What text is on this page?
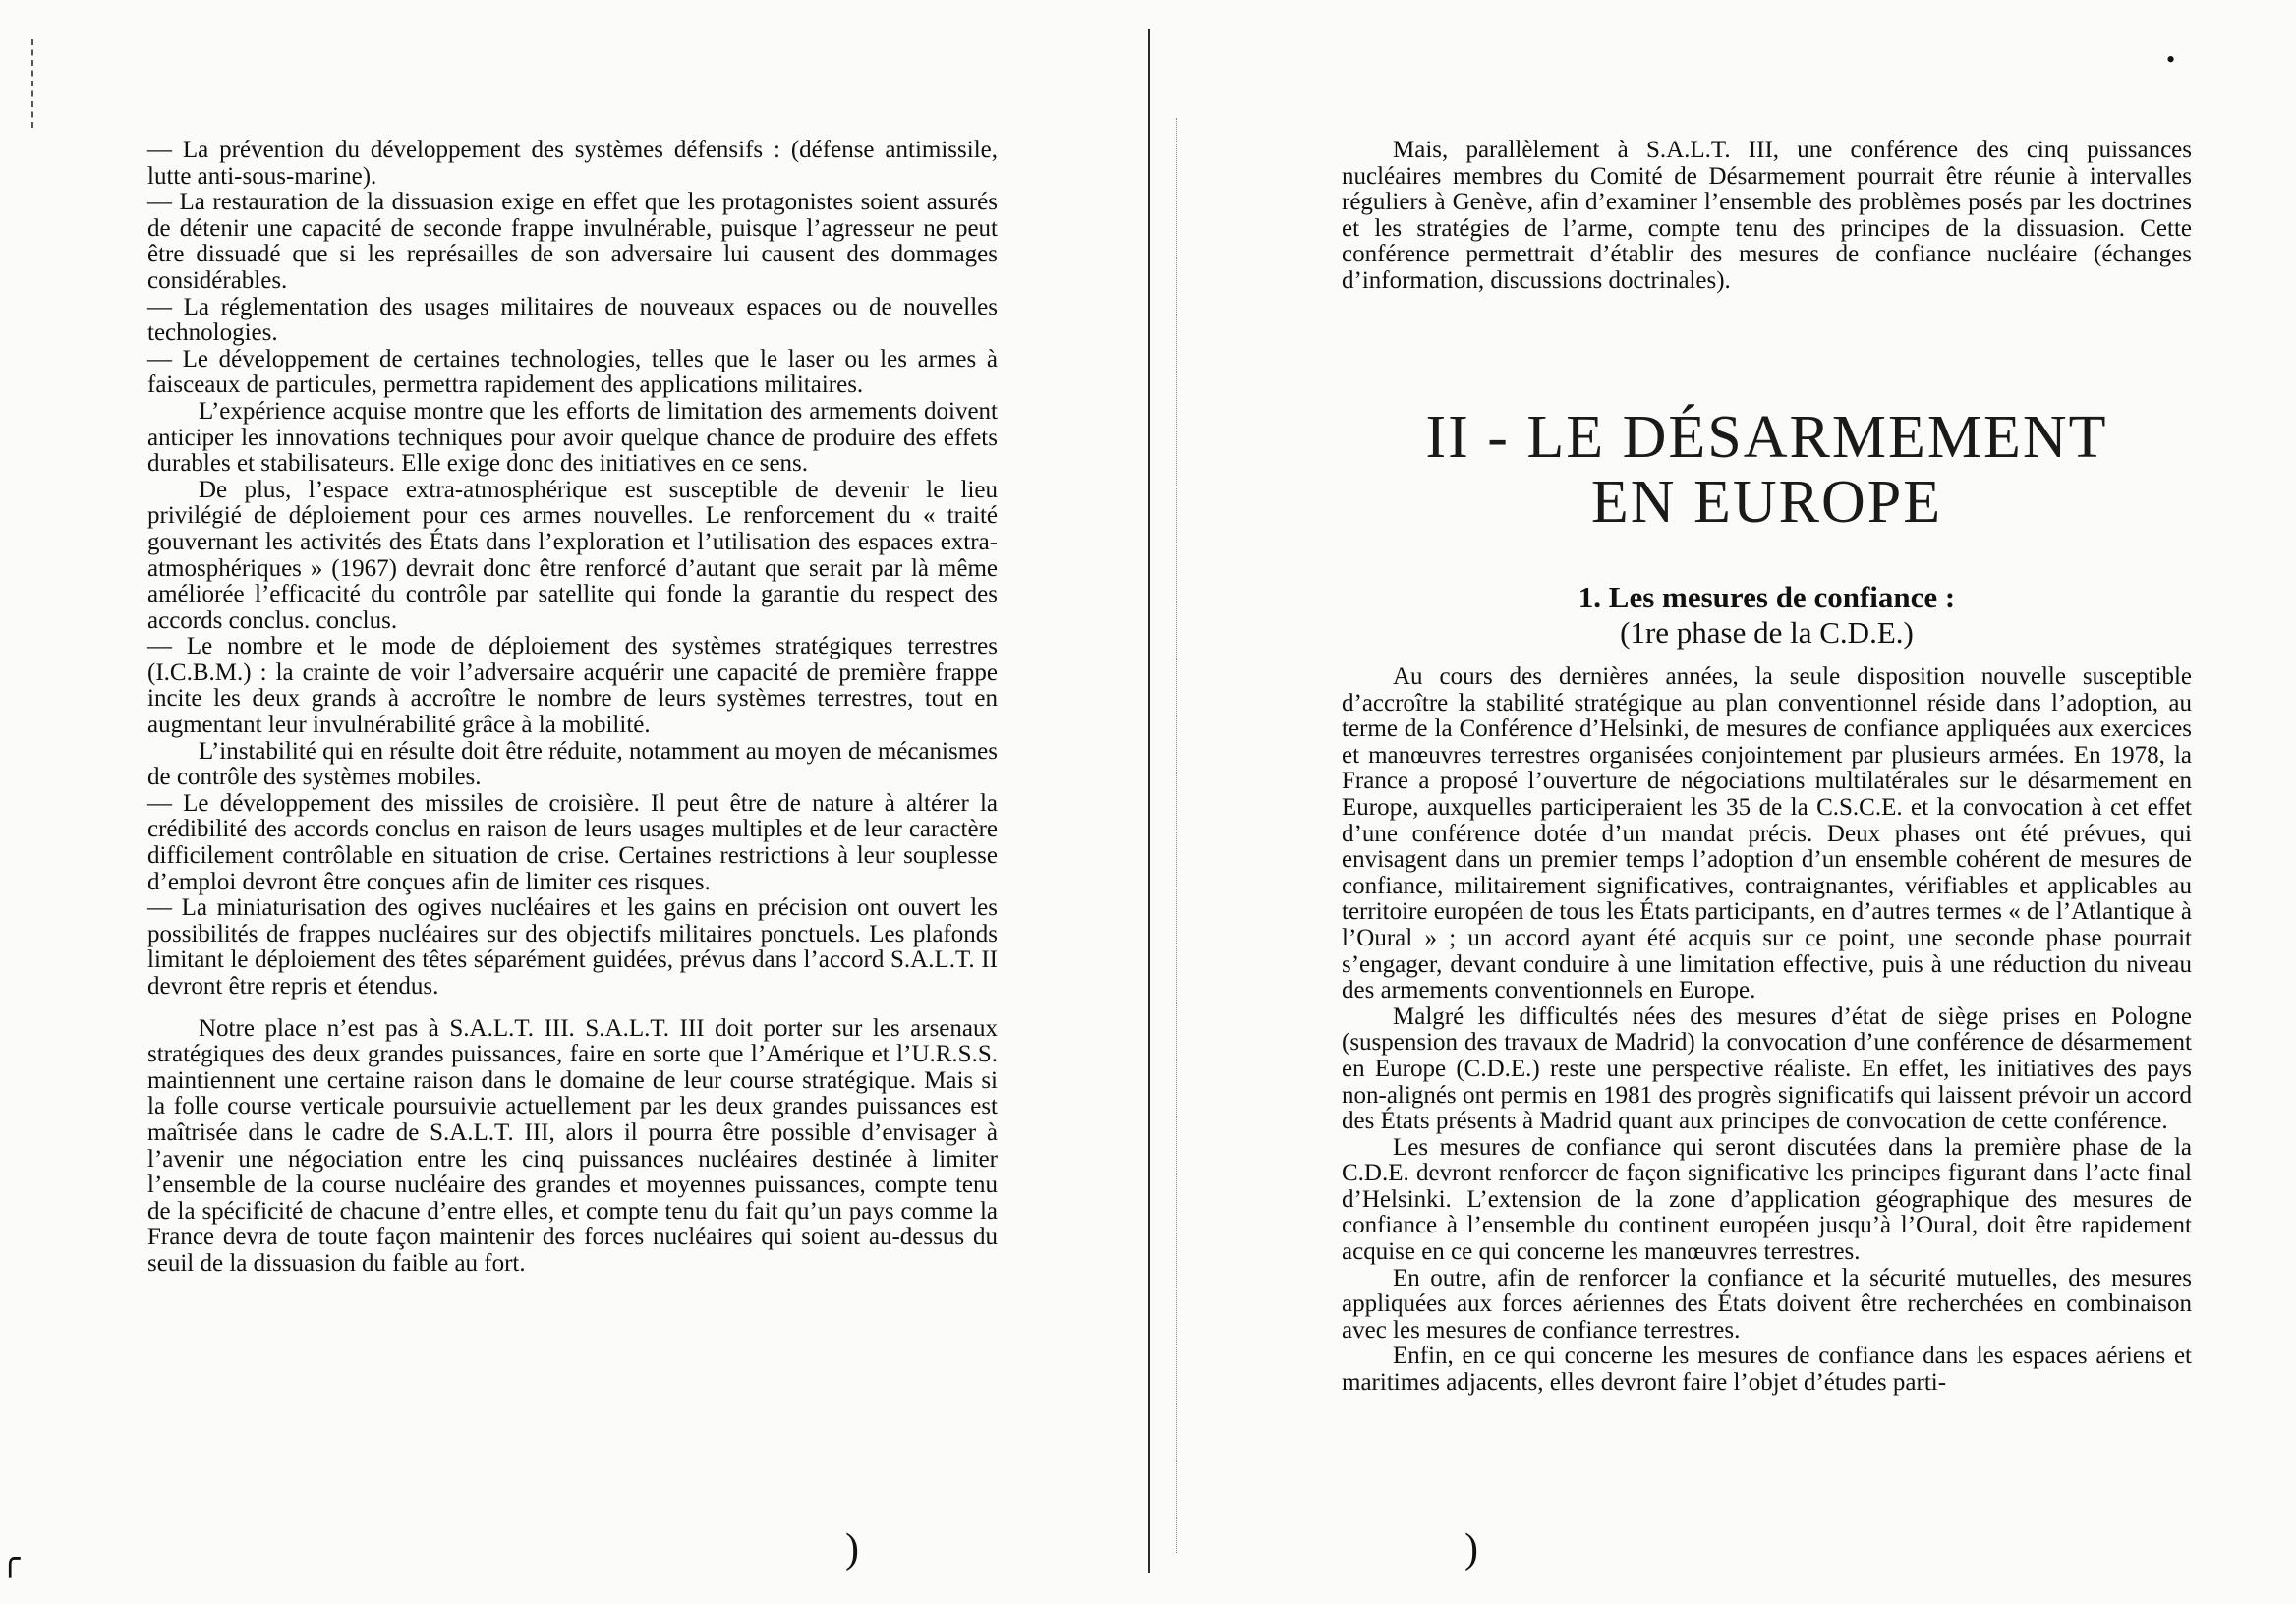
•
╭

— La prévention du développement des systèmes défensifs : (défense antimissile, lutte anti-sous-marine).

— La restauration de la dissuasion exige en effet que les protagonistes soient assurés de détenir une capacité de seconde frappe invulnérable, puisque l’agresseur ne peut être dissuadé que si les représailles de son adversaire lui causent des dommages considérables.

— La réglementation des usages militaires de nouveaux espaces ou de nouvelles technologies.

— Le développement de certaines technologies, telles que le laser ou les armes à faisceaux de particules, permettra rapidement des applications militaires.

L’expérience acquise montre que les efforts de limitation des armements doivent anticiper les innovations techniques pour avoir quelque chance de produire des effets durables et stabilisateurs. Elle exige donc des initiatives en ce sens.

De plus, l’espace extra-atmosphérique est susceptible de devenir le lieu privilégié de déploiement pour ces armes nouvelles. Le renforcement du « traité gouvernant les activités des États dans l’exploration et l’utilisation des espaces extra-atmosphériques » (1967) devrait donc être renforcé d’autant que serait par là même améliorée l’efficacité du contrôle par satellite qui fonde la garantie du respect des accords conclus. conclus.

— Le nombre et le mode de déploiement des systèmes stratégiques terrestres (I.C.B.M.) : la crainte de voir l’adversaire acquérir une capacité de première frappe incite les deux grands à accroître le nombre de leurs systèmes terrestres, tout en augmentant leur invulnérabilité grâce à la mobilité.

L’instabilité qui en résulte doit être réduite, notamment au moyen de mécanismes de contrôle des systèmes mobiles.

— Le développement des missiles de croisière. Il peut être de nature à altérer la crédibilité des accords conclus en raison de leurs usages multiples et de leur caractère difficilement contrôlable en situation de crise. Certaines restrictions à leur souplesse d’emploi devront être conçues afin de limiter ces risques.

— La miniaturisation des ogives nucléaires et les gains en précision ont ouvert les possibilités de frappes nucléaires sur des objectifs militaires ponctuels. Les plafonds limitant le déploiement des têtes séparément guidées, prévus dans l’accord S.A.L.T. II devront être repris et étendus.

Notre place n’est pas à S.A.L.T. III. S.A.L.T. III doit porter sur les arsenaux stratégiques des deux grandes puissances, faire en sorte que l’Amérique et l’U.R.S.S. maintiennent une certaine raison dans le domaine de leur course stratégique. Mais si la folle course verticale poursuivie actuellement par les deux grandes puissances est maîtrisée dans le cadre de S.A.L.T. III, alors il pourra être possible d’envisager à l’avenir une négociation entre les cinq puissances nucléaires destinée à limiter l’ensemble de la course nucléaire des grandes et moyennes puissances, compte tenu de la spécificité de chacune d’entre elles, et compte tenu du fait qu’un pays comme la France devra de toute façon maintenir des forces nucléaires qui soient au-dessus du seuil de la dissuasion du faible au fort.

)

Mais, parallèlement à S.A.L.T. III, une conférence des cinq puissances nucléaires membres du Comité de Désarmement pourrait être réunie à intervalles réguliers à Genève, afin d’examiner l’ensemble des problèmes posés par les doctrines et les stratégies de l’arme, compte tenu des principes de la dissuasion. Cette conférence permettrait d’établir des mesures de confiance nucléaire (échanges d’information, discussions doctrinales).

II - LE DÉSARMEMENT
EN EUROPE
1. Les mesures de confiance :
(1re phase de la C.D.E.)

Au cours des dernières années, la seule disposition nouvelle susceptible d’accroître la stabilité stratégique au plan conventionnel réside dans l’adoption, au terme de la Conférence d’Helsinki, de mesures de confiance appliquées aux exercices et manœuvres terrestres organisées conjointement par plusieurs armées. En 1978, la France a proposé l’ouverture de négociations multilatérales sur le désarmement en Europe, auxquelles participeraient les 35 de la C.S.C.E. et la convocation à cet effet d’une conférence dotée d’un mandat précis. Deux phases ont été prévues, qui envisagent dans un premier temps l’adoption d’un ensemble cohérent de mesures de confiance, militairement significatives, contraignantes, vérifiables et applicables au territoire européen de tous les États participants, en d’autres termes « de l’Atlantique à l’Oural » ; un accord ayant été acquis sur ce point, une seconde phase pourrait s’engager, devant conduire à une limitation effective, puis à une réduction du niveau des armements conventionnels en Europe.

Malgré les difficultés nées des mesures d’état de siège prises en Pologne (suspension des travaux de Madrid) la convocation d’une conférence de désarmement en Europe (C.D.E.) reste une perspective réaliste. En effet, les initiatives des pays non-alignés ont permis en 1981 des progrès significatifs qui laissent prévoir un accord des États présents à Madrid quant aux principes de convocation de cette conférence.

Les mesures de confiance qui seront discutées dans la première phase de la C.D.E. devront renforcer de façon significative les principes figurant dans l’acte final d’Helsinki. L’extension de la zone d’application géographique des mesures de confiance à l’ensemble du continent européen jusqu’à l’Oural, doit être rapidement acquise en ce qui concerne les manœuvres terrestres.

En outre, afin de renforcer la confiance et la sécurité mutuelles, des mesures appliquées aux forces aériennes des États doivent être recherchées en combinaison avec les mesures de confiance terrestres.

Enfin, en ce qui concerne les mesures de confiance dans les espaces aériens et maritimes adjacents, elles devront faire l’objet d’études parti-

)
